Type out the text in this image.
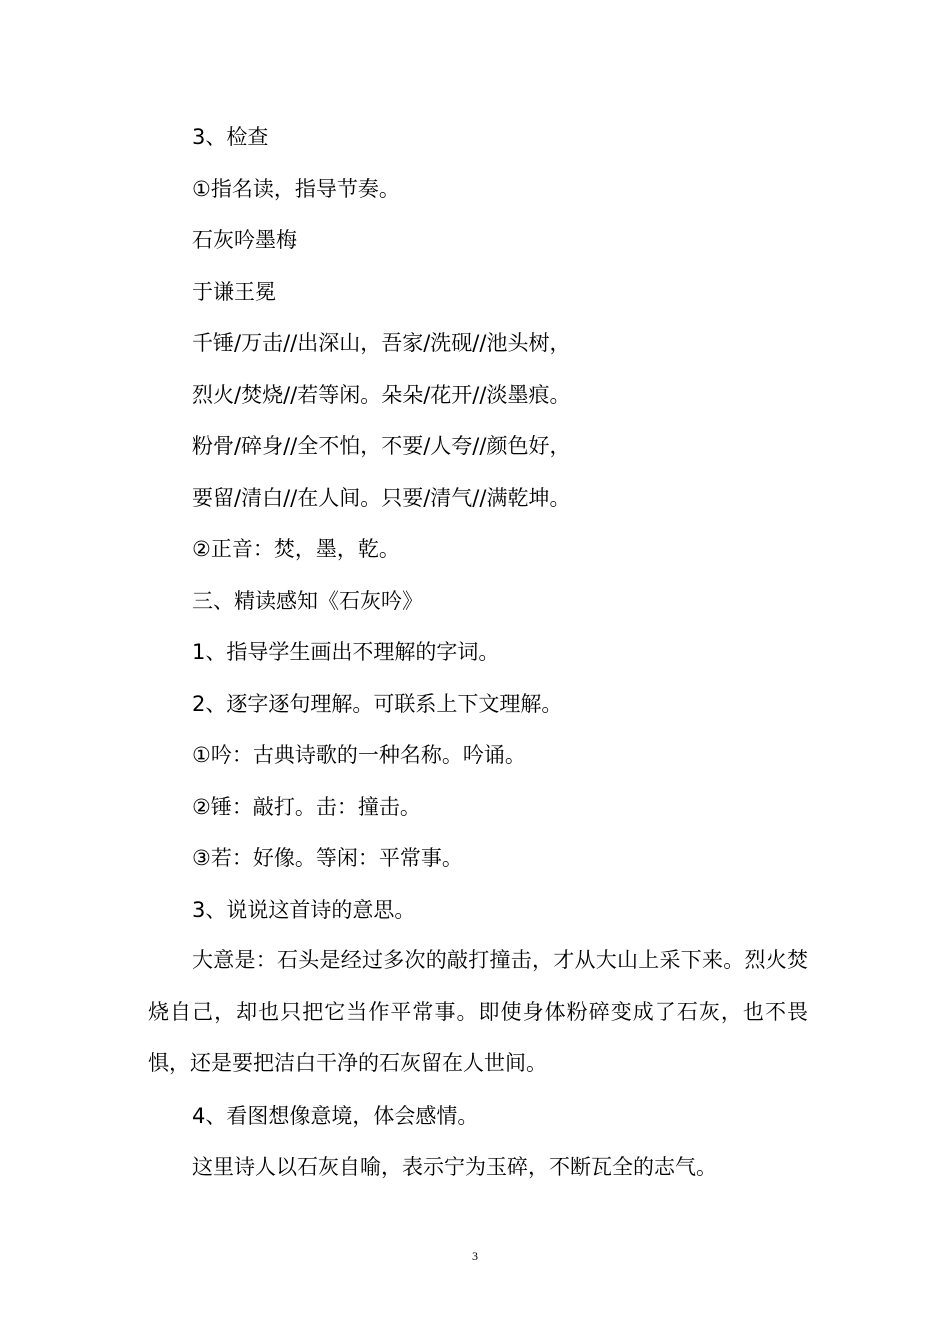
3、检查
①指名读，指导节奏。
石灰吟墨梅
于谦王冕
千锤/万击//出深山，吾家/洗砚//池头树，
烈火/焚烧//若等闲。朵朵/花开//淡墨痕。
粉骨/碎身//全不怕，不要/人夸//颜色好，
要留/清白//在人间。只要/清气//满乾坤。
②正音：焚，墨，乾。
三、精读感知《石灰吟》
1、指导学生画出不理解的字词。
2、逐字逐句理解。可联系上下文理解。
①吟：古典诗歌的一种名称。吟诵。
②锤：敲打。击：撞击。
③若：好像。等闲：平常事。
3、说说这首诗的意思。
大意是：石头是经过多次的敲打撞击，才从大山上采下来。烈火焚烧自己，却也只把它当作平常事。即使身体粉碎变成了石灰，也不畏惧，还是要把洁白干净的石灰留在人世间。
4、看图想像意境，体会感情。
这里诗人以石灰自喻，表示宁为玉碎，不断瓦全的志气。
3
